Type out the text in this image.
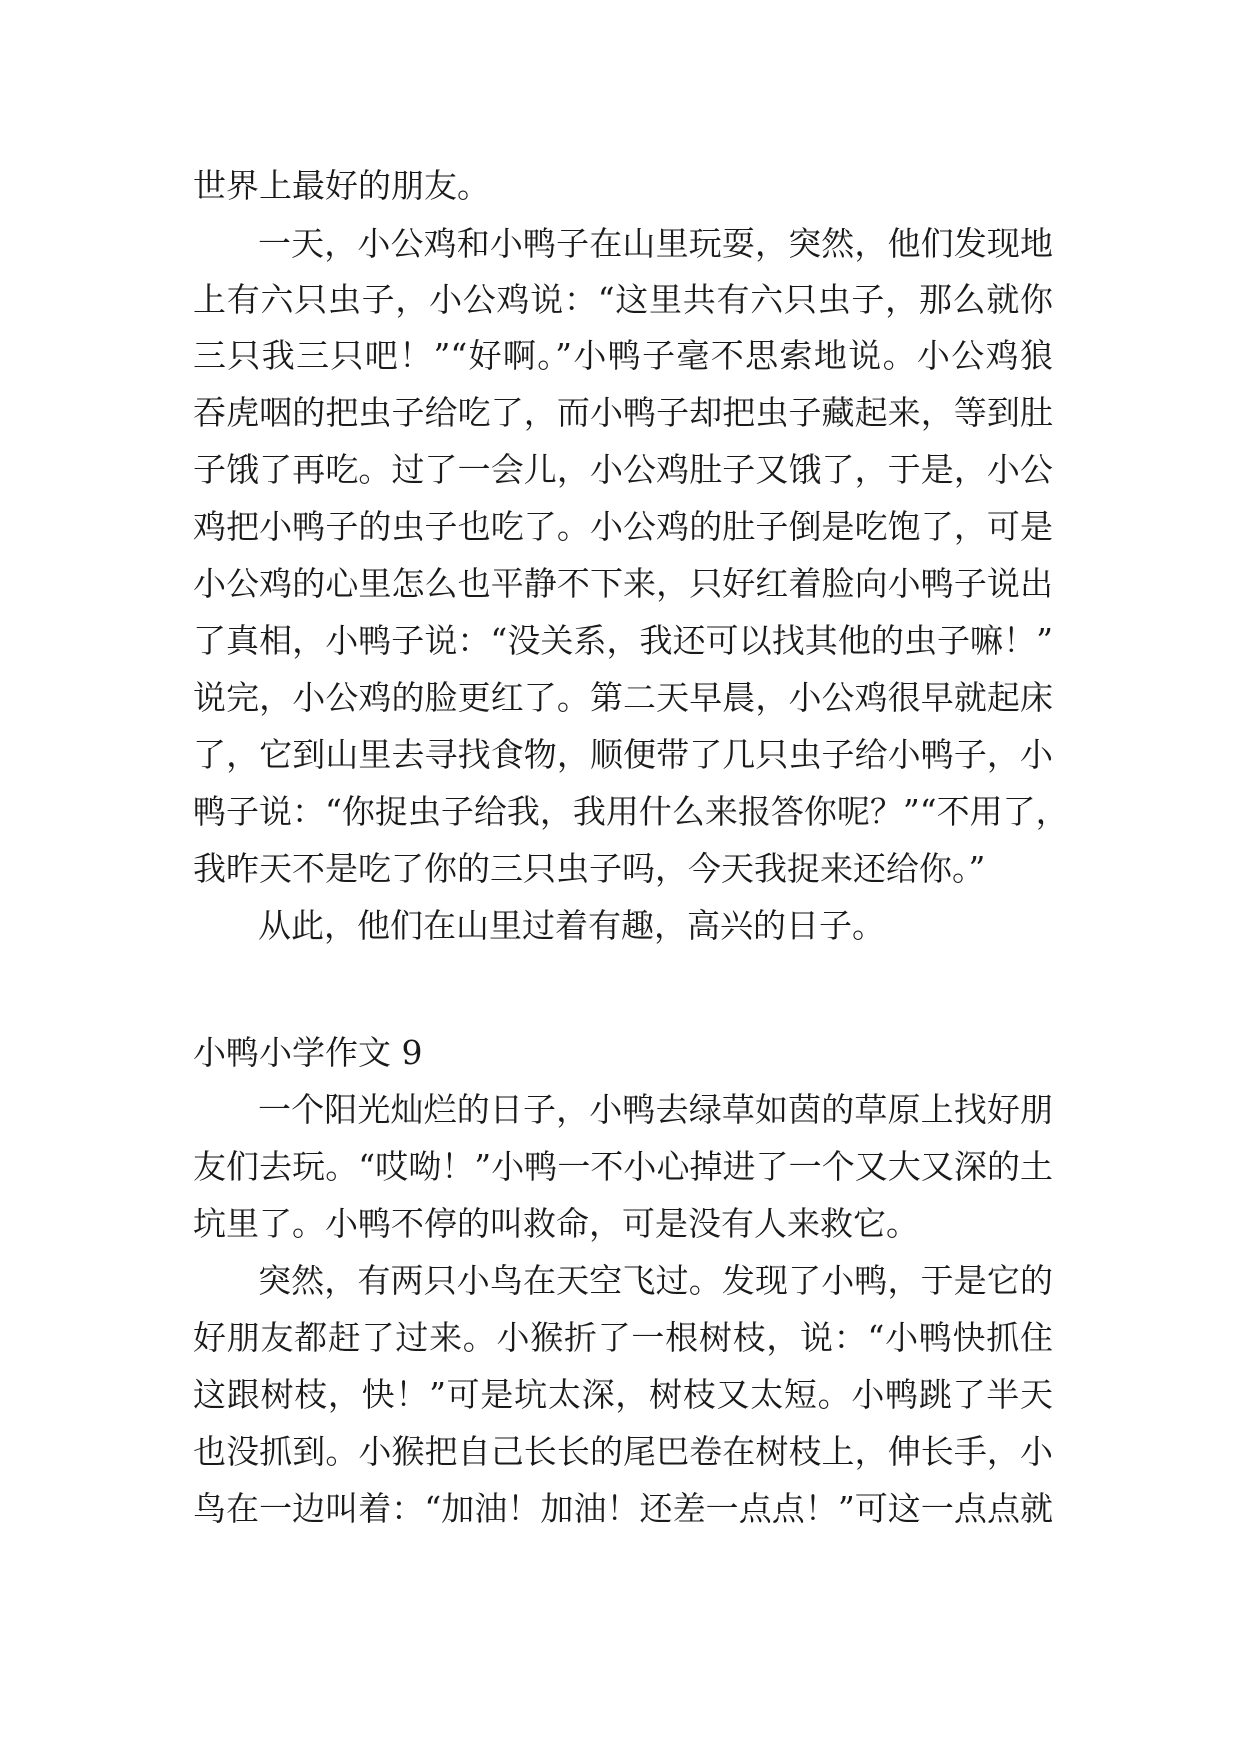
世界上最好的朋友。
一天，小公鸡和小鸭子在山里玩耍，突然，他们发现地
上有六只虫子，小公鸡说：“这里共有六只虫子，那么就你
三只我三只吧！”“好啊。”小鸭子毫不思索地说。小公鸡狼
吞虎咽的把虫子给吃了，而小鸭子却把虫子藏起来，等到肚
子饿了再吃。过了一会儿，小公鸡肚子又饿了，于是，小公
鸡把小鸭子的虫子也吃了。小公鸡的肚子倒是吃饱了，可是
小公鸡的心里怎么也平静不下来，只好红着脸向小鸭子说出
了真相，小鸭子说：“没关系，我还可以找其他的虫子嘛！”
说完，小公鸡的脸更红了。第二天早晨，小公鸡很早就起床
了，它到山里去寻找食物，顺便带了几只虫子给小鸭子，小
鸭子说：“你捉虫子给我，我用什么来报答你呢？”“不用了，
我昨天不是吃了你的三只虫子吗，今天我捉来还给你。”
从此，他们在山里过着有趣，高兴的日子。
小鸭小学作文 9
一个阳光灿烂的日子，小鸭去绿草如茵的草原上找好朋
友们去玩。“哎呦！”小鸭一不小心掉进了一个又大又深的土
坑里了。小鸭不停的叫救命，可是没有人来救它。
突然，有两只小鸟在天空飞过。发现了小鸭，于是它的
好朋友都赶了过来。小猴折了一根树枝，说：“小鸭快抓住
这跟树枝，快！”可是坑太深，树枝又太短。小鸭跳了半天
也没抓到。小猴把自己长长的尾巴卷在树枝上，伸长手，小
鸟在一边叫着：“加油！加油！还差一点点！”可这一点点就
